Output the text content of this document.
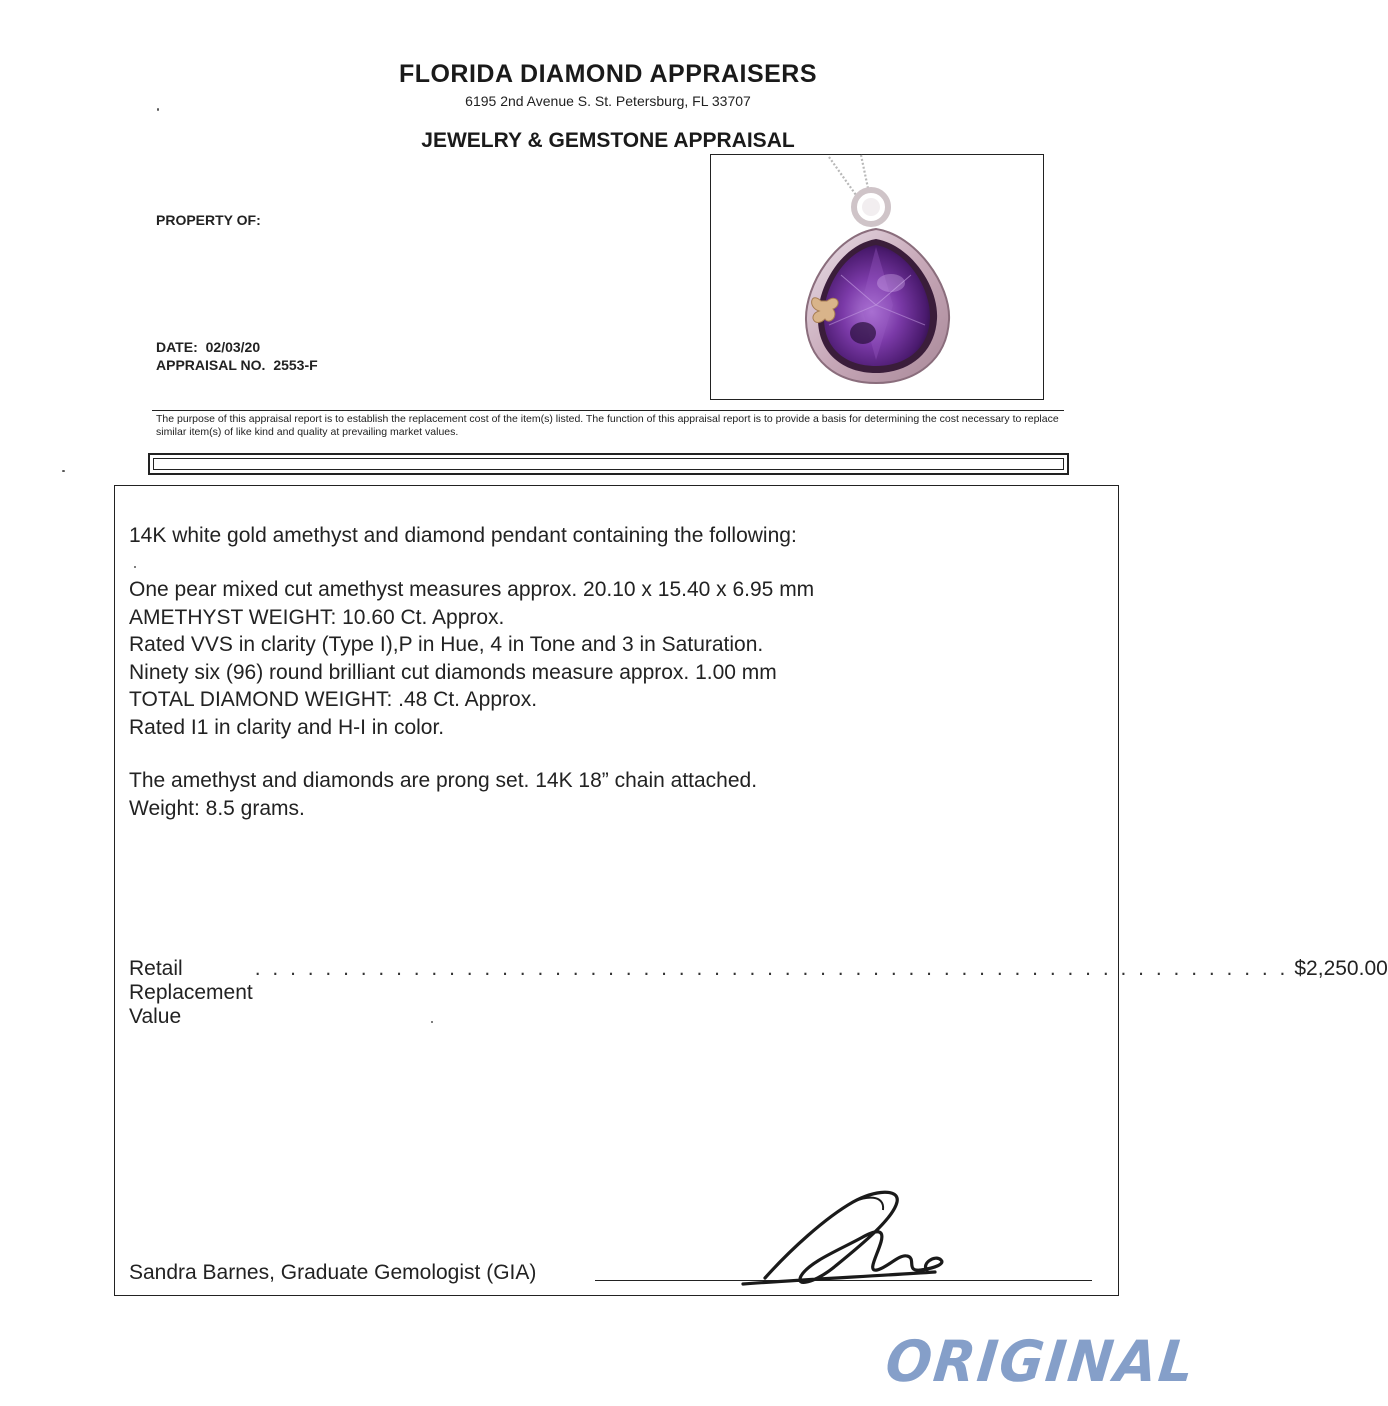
FLORIDA DIAMOND APPRAISERS
6195 2nd Avenue S. St. Petersburg, FL 33707
JEWELRY & GEMSTONE APPRAISAL
PROPERTY OF:
DATE: 02/03/20
APPRAISAL NO. 2553-F
The purpose of this appraisal report is to establish the replacement cost of the item(s) listed. The function of this appraisal report is to provide a basis for determining the cost necessary to replace similar item(s) of like kind and quality at prevailing market values.
14K white gold amethyst and diamond pendant containing the following:
One pear mixed cut amethyst measures approx. 20.10 x 15.40 x 6.95 mm
AMETHYST WEIGHT: 10.60 Ct. Approx.
Rated VVS in clarity (Type I),P in Hue, 4 in Tone and 3 in Saturation.
Ninety six (96) round brilliant cut diamonds measure approx. 1.00 mm
TOTAL DIAMOND WEIGHT: .48 Ct. Approx.
Rated I1 in clarity and H-I in color.
The amethyst and diamonds are prong set. 14K 18” chain attached.
Weight: 8.5 grams.
Retail Replacement Value
. . . . . . . . . . . . . . . . . . . . . . . . . . . . . . . . . . . . . . . . . . . . . . . . . . . . . . . . . . . $2,250.00
Sandra Barnes, Graduate Gemologist (GIA)
ORIGINAL
